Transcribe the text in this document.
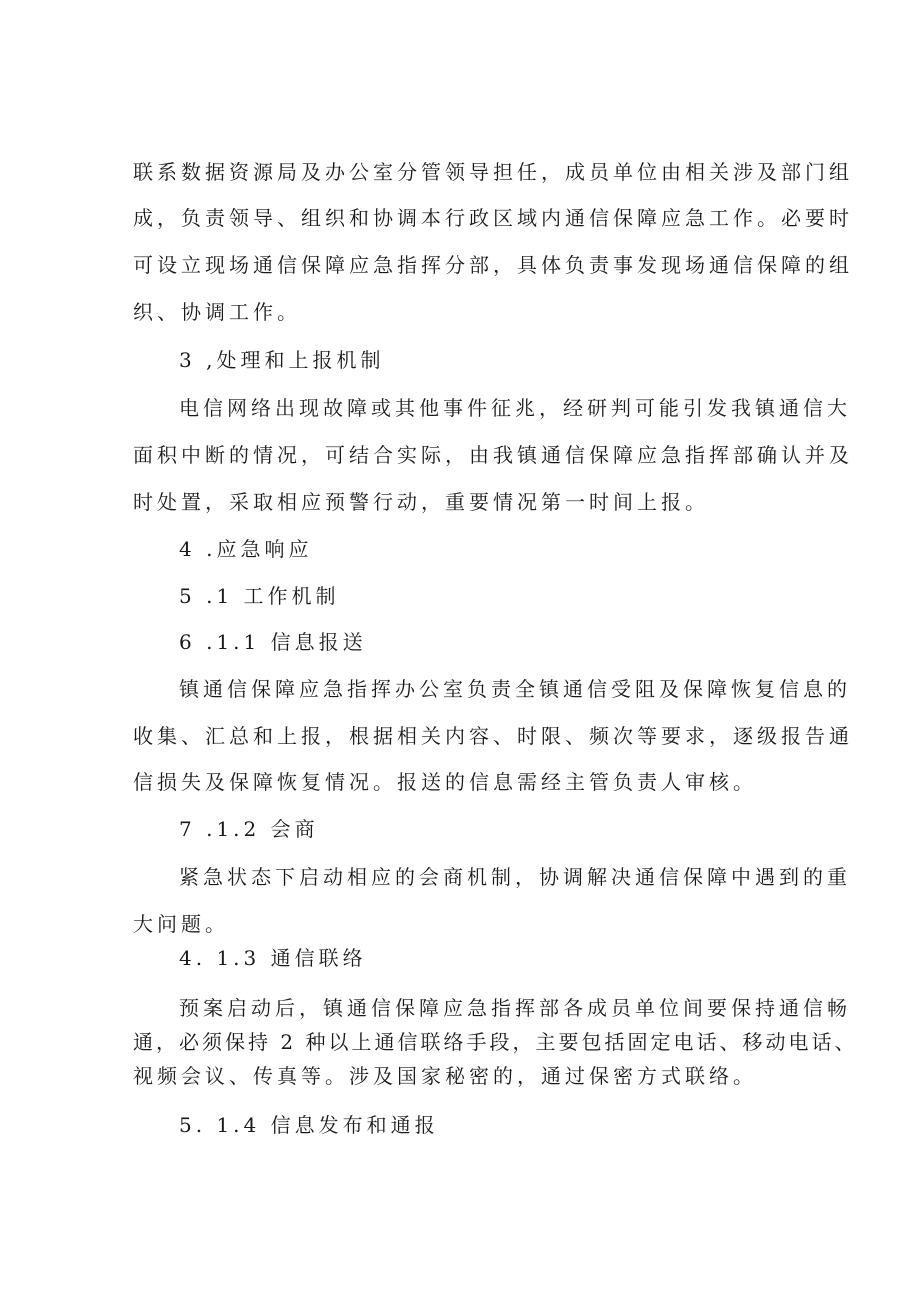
联系数据资源局及办公室分管领导担任，成员单位由相关涉及部门组
成，负责领导、组织和协调本行政区域内通信保障应急工作。必要时
可设立现场通信保障应急指挥分部，具体负责事发现场通信保障的组
织、协调工作。
3 ,处理和上报机制
电信网络出现故障或其他事件征兆，经研判可能引发我镇通信大
面积中断的情况，可结合实际，由我镇通信保障应急指挥部确认并及
时处置，采取相应预警行动，重要情况第一时间上报。
4 .应急响应
5 .1 工作机制
6 .1.1 信息报送
镇通信保障应急指挥办公室负责全镇通信受阻及保障恢复信息的
收集、汇总和上报，根据相关内容、时限、频次等要求，逐级报告通
信损失及保障恢复情况。报送的信息需经主管负责人审核。
7 .1.2 会商
紧急状态下启动相应的会商机制，协调解决通信保障中遇到的重
大问题。
4. 1.3 通信联络
预案启动后，镇通信保障应急指挥部各成员单位间要保持通信畅
通，必须保持 2 种以上通信联络手段，主要包括固定电话、移动电话、
视频会议、传真等。涉及国家秘密的，通过保密方式联络。
5. 1.4 信息发布和通报
